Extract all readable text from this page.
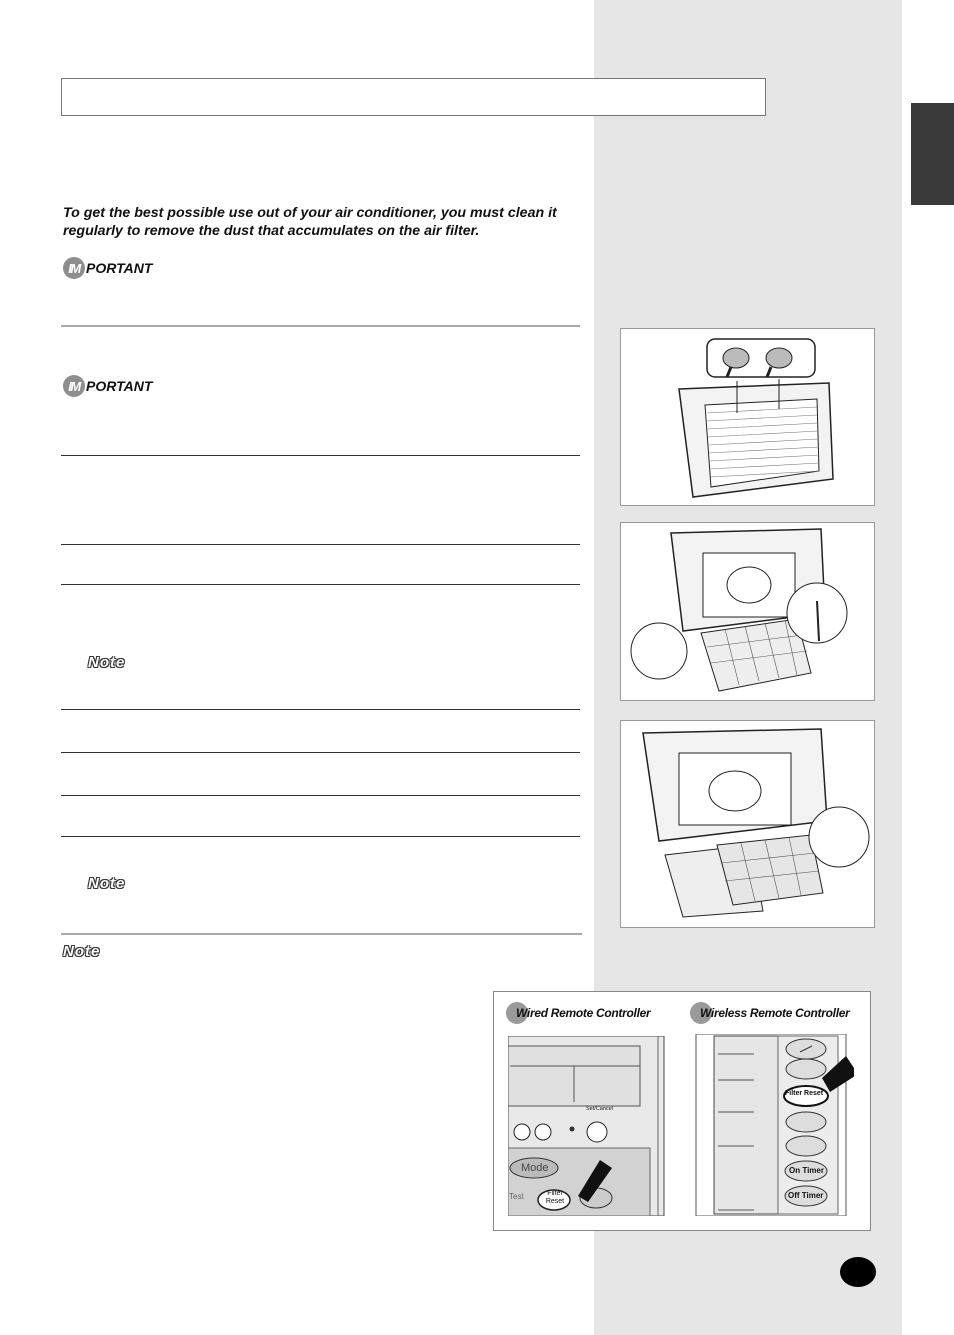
To get the best possible use out of your air conditioner, you must clean it regularly to remove the dust that accumulates on the air filter.

IM PORTANT
IM PORTANT
Note
Note
Note
Wired Remote Controller	Wireless Remote Controller
Set/Cancel
Mode
Test	Filter
Reset
Filter Reset
On Timer
Off Timer
